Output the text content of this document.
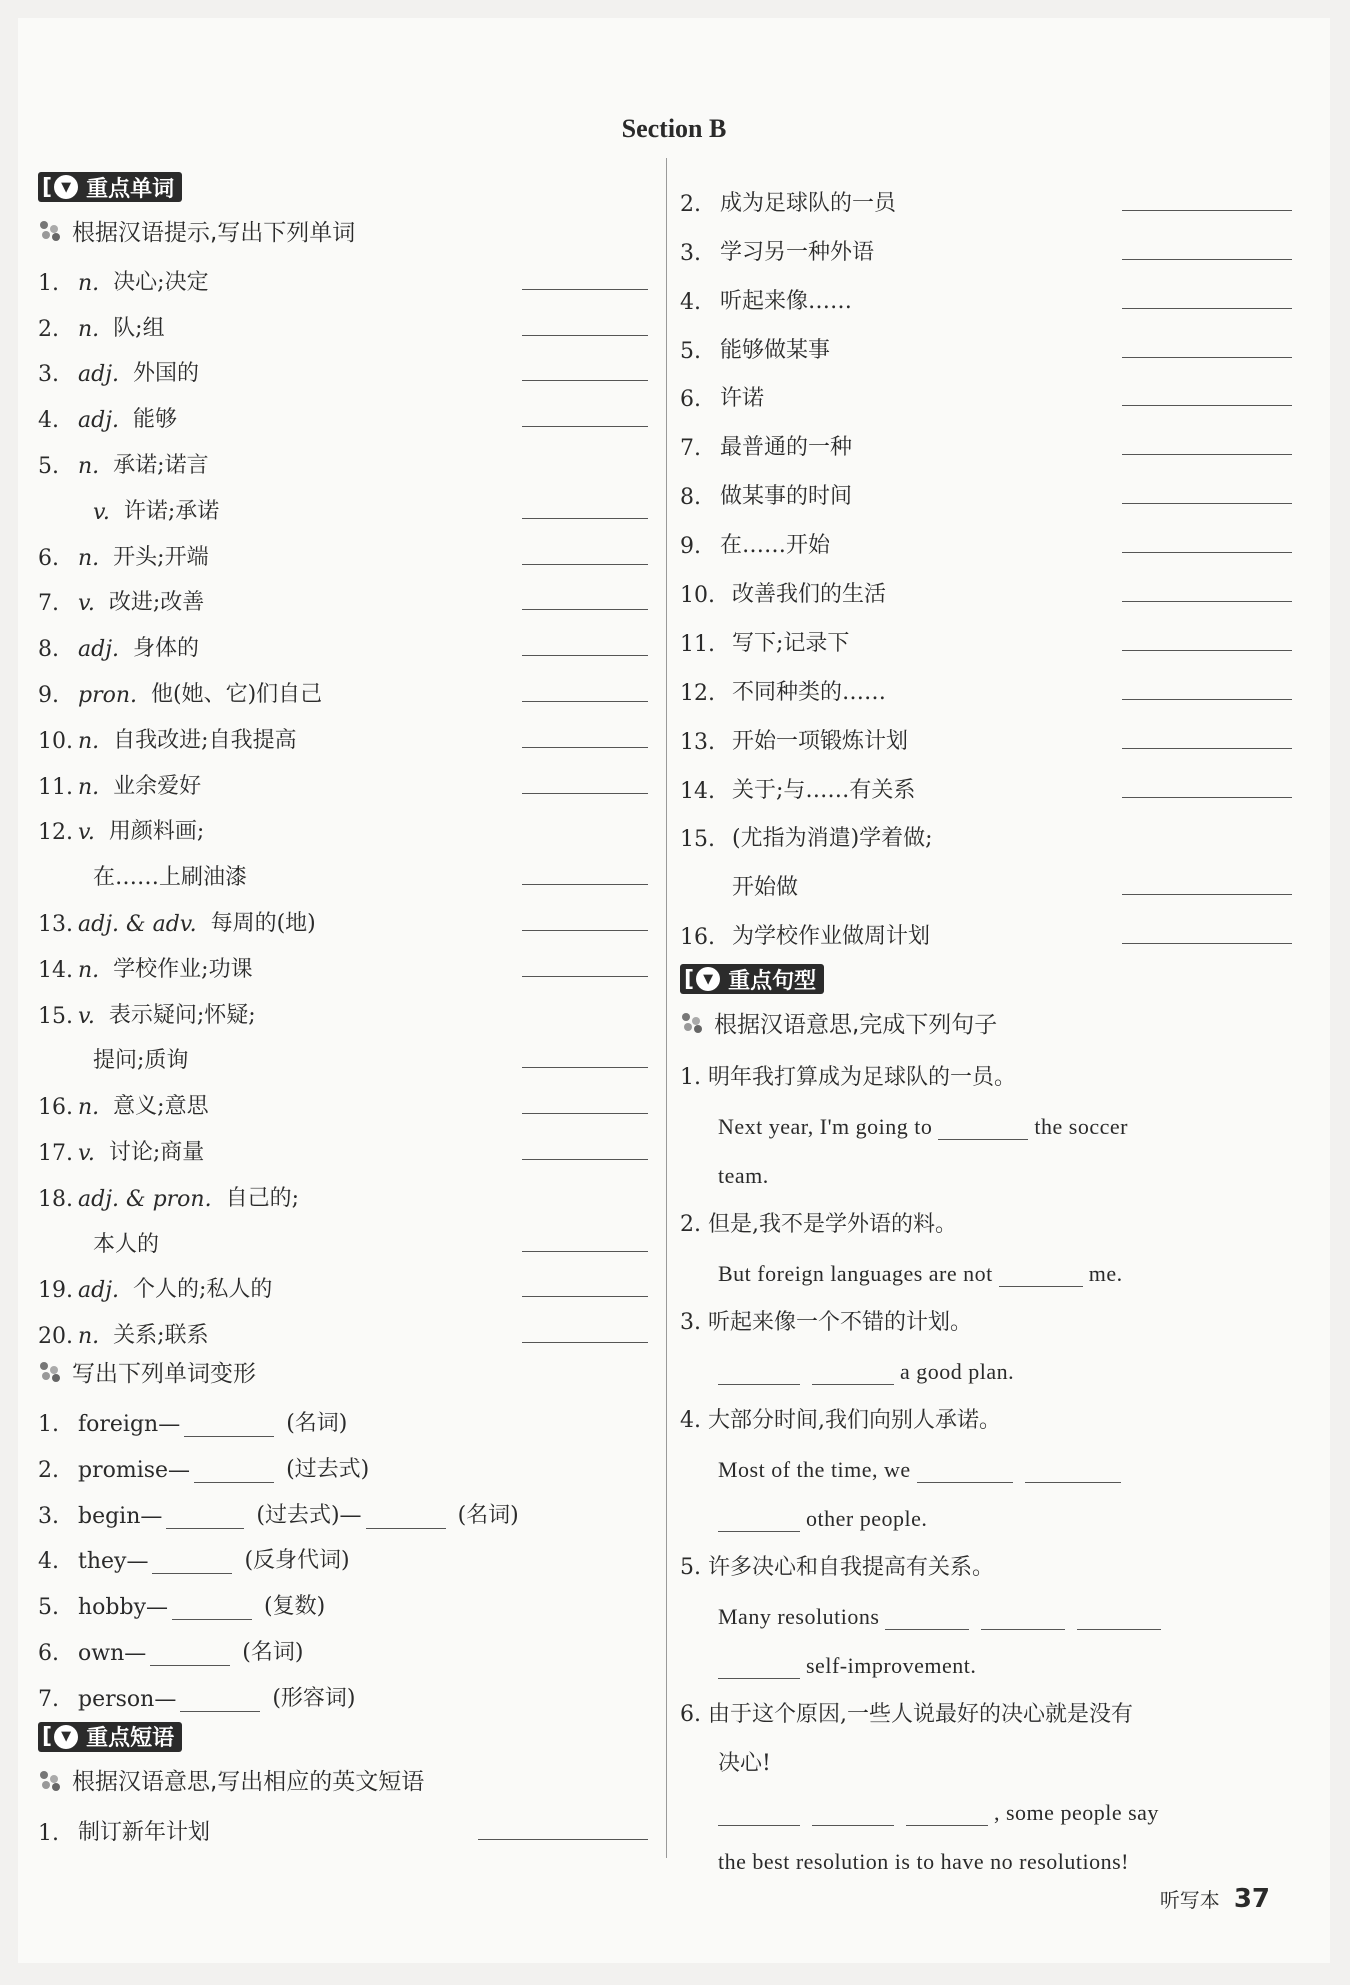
Section B
[ ▼ 重点单词
根据汉语提示,写出下列单词
1. n. 决心;决定
2. n. 队;组
3. adj. 外国的
4. adj. 能够
5. n. 承诺;诺言
v. 许诺;承诺
6. n. 开头;开端
7. v. 改进;改善
8. adj. 身体的
9. pron. 他(她、它)们自己
10. n. 自我改进;自我提高
11. n. 业余爱好
12. v. 用颜料画;
在……上刷油漆
13. adj. & adv. 每周的(地)
14. n. 学校作业;功课
15. v. 表示疑问;怀疑;
提问;质询
16. n. 意义;意思
17. v. 讨论;商量
18. adj. & pron. 自己的;
本人的
19. adj. 个人的;私人的
20. n. 关系;联系
写出下列单词变形
1. foreign—	(名词)
2. promise—	(过去式)
3. begin—	(过去式)—	(名词)
4. they—	(反身代词)
5. hobby—	(复数)
6. own—	(名词)
7. person—	(形容词)
[ ▼ 重点短语
根据汉语意思,写出相应的英文短语
1. 制订新年计划
2. 成为足球队的一员
3. 学习另一种外语
4. 听起来像……
5. 能够做某事
6. 许诺
7. 最普通的一种
8. 做某事的时间
9. 在……开始
10. 改善我们的生活
11. 写下;记录下
12. 不同种类的……
13. 开始一项锻炼计划
14. 关于;与……有关系
15. (尤指为消遣)学着做;
开始做
16. 为学校作业做周计划
[ ▼ 重点句型
根据汉语意思,完成下列句子
1. 明年我打算成为足球队的一员。
Next year, I'm going to	the soccer
team.
2. 但是,我不是学外语的料。
But foreign languages are not	me.
3. 听起来像一个不错的计划。
a good plan.
4. 大部分时间,我们向别人承诺。
Most of the time, we
other people.
5. 许多决心和自我提高有关系。
Many resolutions
self-improvement.
6. 由于这个原因,一些人说最好的决心就是没有
决心!
, some people say
the best resolution is to have no resolutions!
听写本 37
